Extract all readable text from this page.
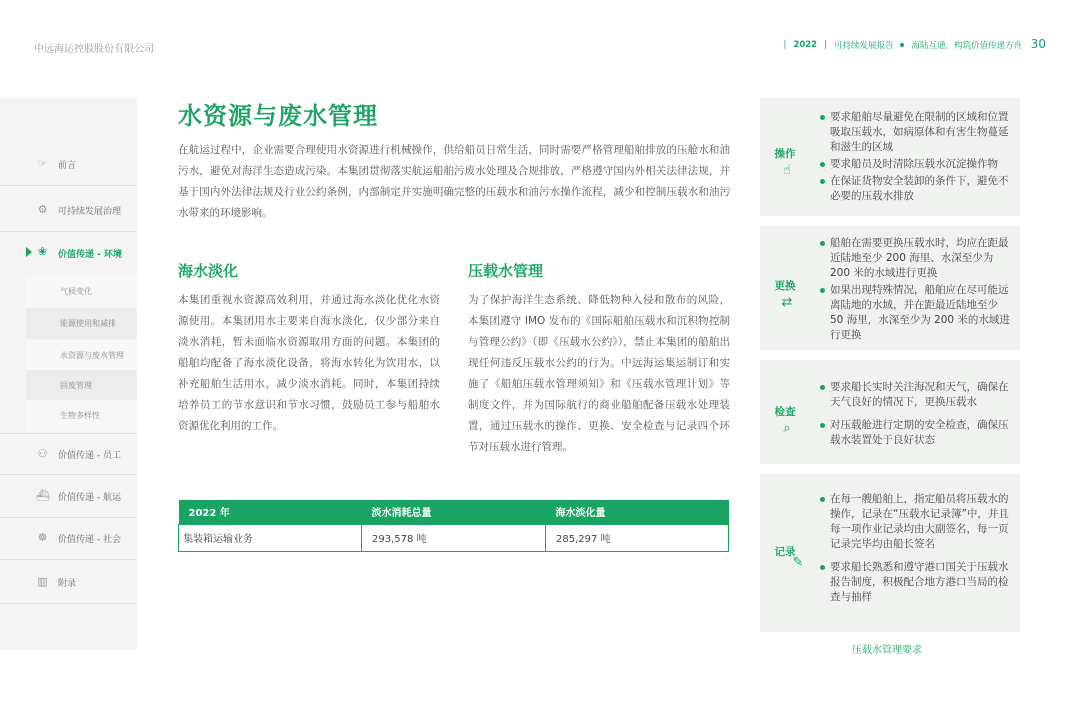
中远海运控股股份有限公司	| 2022 | 可持续发展报告 海陆互通，构筑价值传递方舟 30
☞ 前言
⚙ 可持续发展治理
❀ 价值传递 - 环境
气候变化
能源使用和减排
水资源与废水管理
固废管理
生物多样性
⚇ 价值传递 - 员工
⛴ 价值传递 - 航运
☸ 价值传递 - 社会
▥ 附录
水资源与废水管理
在航运过程中，企业需要合理使用水资源进行机械操作，供给船员日常生活，同时需要严格管理船舶排放的压舱水和油污水，避免对海洋生态造成污染。本集团贯彻落实航运船舶污废水处理及合规排放，严格遵守国内外相关法律法规，并基于国内外法律法规及行业公约条例，内部制定并实施明确完整的压载水和油污水操作流程，减少和控制压载水和油污水带来的环境影响。
海水淡化
本集团重视水资源高效利用，并通过海水淡化优化水资源使用。本集团用水主要来自海水淡化，仅少部分来自淡水消耗，暂未面临水资源取用方面的问题。本集团的船舶均配备了海水淡化设备，将海水转化为饮用水，以补充船舶生活用水，减少淡水消耗。同时，本集团持续培养员工的节水意识和节水习惯，鼓励员工参与船舶水资源优化利用的工作。
压载水管理
为了保护海洋生态系统、降低物种入侵和散布的风险，本集团遵守 IMO 发布的《国际船舶压载水和沉积物控制与管理公约》（即《压载水公约》），禁止本集团的船舶出现任何违反压载水公约的行为。中远海运集运制订和实施了《船舶压载水管理须知》和《压载水管理计划》等制度文件，并为国际航行的商业船舶配备压载水处理装置，通过压载水的操作、更换、安全检查与记录四个环节对压载水进行管理。
2022 年	淡水消耗总量	海水淡化量
集装箱运输业务	293,578 吨	285,297 吨
操作
☝
要求船舶尽量避免在限制的区域和位置吸取压载水，如病原体和有害生物蔓延和滋生的区域
要求船员及时清除压载水沉淀操作物
在保证货物安全装卸的条件下，避免不必要的压载水排放
更换
⇄
船舶在需要更换压载水时，均应在距最近陆地至少 200 海里、水深至少为 200 米的水域进行更换
如果出现特殊情况，船舶应在尽可能远离陆地的水域，并在距最近陆地至少 50 海里，水深至少为 200 米的水域进行更换
检查
⌕
要求船长实时关注海况和天气，确保在天气良好的情况下，更换压载水
对压载舱进行定期的安全检查，确保压载水装置处于良好状态
记录
✎
在每一艘船舶上，指定船员将压载水的操作，记录在“压载水记录簿”中，并且每一项作业记录均由大副签名，每一页记录完毕均由船长签名
要求船长熟悉和遵守港口国关于压载水报告制度，积极配合地方港口当局的检查与抽样
压载水管理要求
